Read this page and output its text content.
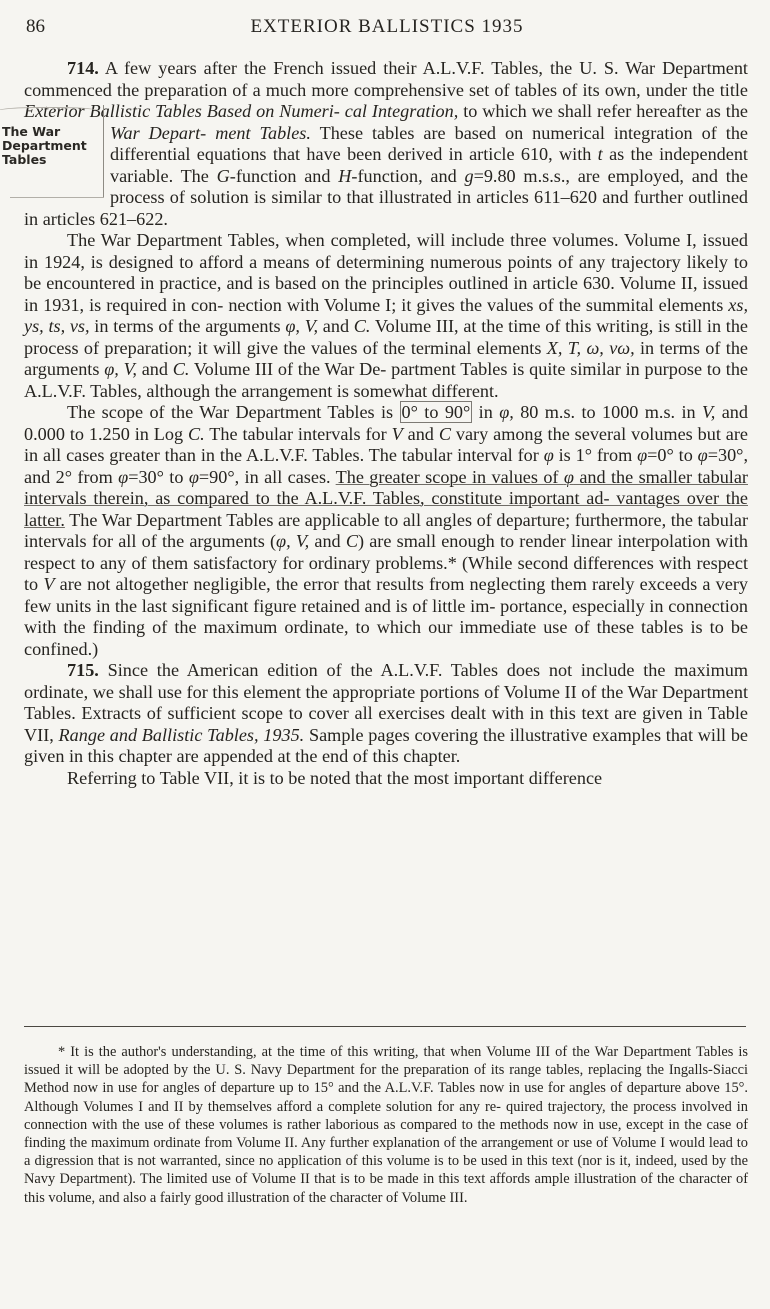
86	EXTERIOR BALLISTICS 1935

714. A few years after the French issued their A.L.V.F. Tables, the U. S. War Department commenced the preparation of a much more comprehensive set of tables of its own, under the title Exterior Ballistic Tables Based on Numeri- cal Integration,
The War Department Tables
to which we shall refer hereafter as the War Depart- ment Tables. These tables are based on numerical integration of the differential equations that have been derived in article 610, with t as the independent variable. The G-function and H-function, and g=9.80 m.s.s., are employed, and the process of solution is similar to that illustrated in articles 611–620 and further outlined in articles 621–622.

The War Department Tables, when completed, will include three volumes. Volume I, issued in 1924, is designed to afford a means of determining numerous points of any trajectory likely to be encountered in practice, and is based on the principles outlined in article 630. Volume II, issued in 1931, is required in con- nection with Volume I; it gives the values of the summital elements xs, ys, ts, vs, in terms of the arguments φ, V, and C. Volume III, at the time of this writing, is still in the process of preparation; it will give the values of the terminal elements X, T, ω, vω, in terms of the arguments φ, V, and C. Volume III of the War De- partment Tables is quite similar in purpose to the A.L.V.F. Tables, although the arrangement is somewhat different.

The scope of the War Department Tables is 0° to 90° in φ, 80 m.s. to 1000 m.s. in V, and 0.000 to 1.250 in Log C. The tabular intervals for V and C vary among the several volumes but are in all cases greater than in the A.L.V.F. Tables. The tabular interval for φ is 1° from φ=0° to φ=30°, and 2° from φ=30° to φ=90°, in all cases. The greater scope in values of φ and the smaller tabular intervals therein, as compared to the A.L.V.F. Tables, constitute important ad- vantages over the latter. The War Department Tables are applicable to all angles of departure; furthermore, the tabular intervals for all of the arguments (φ, V, and C) are small enough to render linear interpolation with respect to any of them satisfactory for ordinary problems.* (While second differences with respect to V are not altogether negligible, the error that results from neglecting them rarely exceeds a very few units in the last significant figure retained and is of little im- portance, especially in connection with the finding of the maximum ordinate, to which our immediate use of these tables is to be confined.)

715. Since the American edition of the A.L.V.F. Tables does not include the maximum ordinate, we shall use for this element the appropriate portions of Volume II of the War Department Tables. Extracts of sufficient scope to cover all exercises dealt with in this text are given in Table VII, Range and Ballistic Tables, 1935. Sample pages covering the illustrative examples that will be given in this chapter are appended at the end of this chapter.

Referring to Table VII, it is to be noted that the most important difference

* It is the author's understanding, at the time of this writing, that when Volume III of the War Department Tables is issued it will be adopted by the U. S. Navy Department for the preparation of its range tables, replacing the Ingalls-Siacci Method now in use for angles of departure up to 15° and the A.L.V.F. Tables now in use for angles of departure above 15°. Although Volumes I and II by themselves afford a complete solution for any re- quired trajectory, the process involved in connection with the use of these volumes is rather laborious as compared to the methods now in use, except in the case of finding the maximum ordinate from Volume II. Any further explanation of the arrangement or use of Volume I would lead to a digression that is not warranted, since no application of this volume is to be used in this text (nor is it, indeed, used by the Navy Department). The limited use of Volume II that is to be made in this text affords ample illustration of the character of this volume, and also a fairly good illustration of the character of Volume III.
